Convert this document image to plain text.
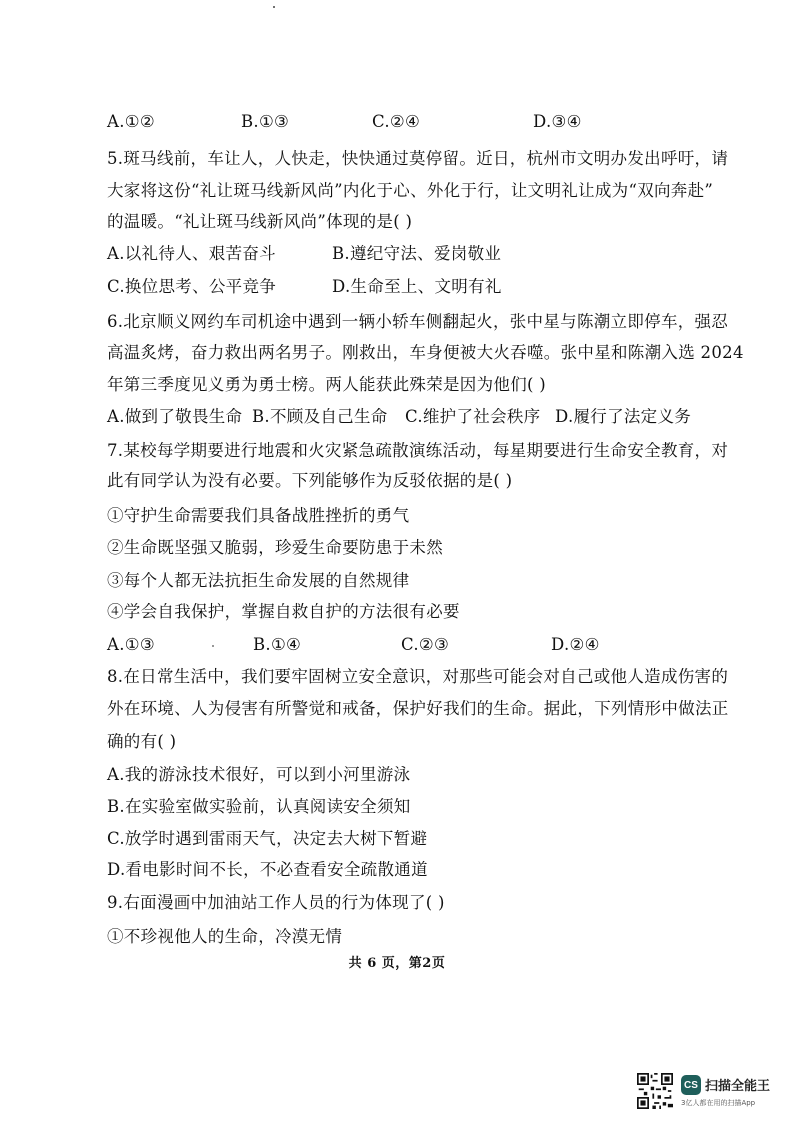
A.①②	B.①③	C.②④	D.③④
5.斑马线前，车让人，人快走，快快通过莫停留。近日，杭州市文明办发出呼吁，请
大家将这份“礼让斑马线新风尚”内化于心、外化于行，让文明礼让成为“双向奔赴”
的温暖。“礼让斑马线新风尚”体现的是( )
A.以礼待人、艰苦奋斗	B.遵纪守法、爱岗敬业
C.换位思考、公平竞争	D.生命至上、文明有礼
6.北京顺义网约车司机途中遇到一辆小轿车侧翻起火，张中星与陈潮立即停车，强忍
高温炙烤，奋力救出两名男子。刚救出，车身便被大火吞噬。张中星和陈潮入选 2024
年第三季度见义勇为勇士榜。两人能获此殊荣是因为他们( )
A.做到了敬畏生命 B.不顾及自己生命	C.维护了社会秩序 D.履行了法定义务
7.某校每学期要进行地震和火灾紧急疏散演练活动，每星期要进行生命安全教育，对
此有同学认为没有必要。下列能够作为反驳依据的是( )
①守护生命需要我们具备战胜挫折的勇气
②生命既坚强又脆弱，珍爱生命要防患于未然
③每个人都无法抗拒生命发展的自然规律
④学会自我保护，掌握自救自护的方法很有必要
A.①③	B.①④	C.②③	D.②④
8.在日常生活中，我们要牢固树立安全意识，对那些可能会对自己或他人造成伤害的
外在环境、人为侵害有所警觉和戒备，保护好我们的生命。据此，下列情形中做法正
确的有( )
A.我的游泳技术很好，可以到小河里游泳
B.在实验室做实验前，认真阅读安全须知
C.放学时遇到雷雨天气，决定去大树下暂避
D.看电影时间不长，不必查看安全疏散通道
9.右面漫画中加油站工作人员的行为体现了( )
①不珍视他人的生命，冷漠无情
共 6 页，第2页
CS 扫描全能王
3亿人都在用的扫描App
